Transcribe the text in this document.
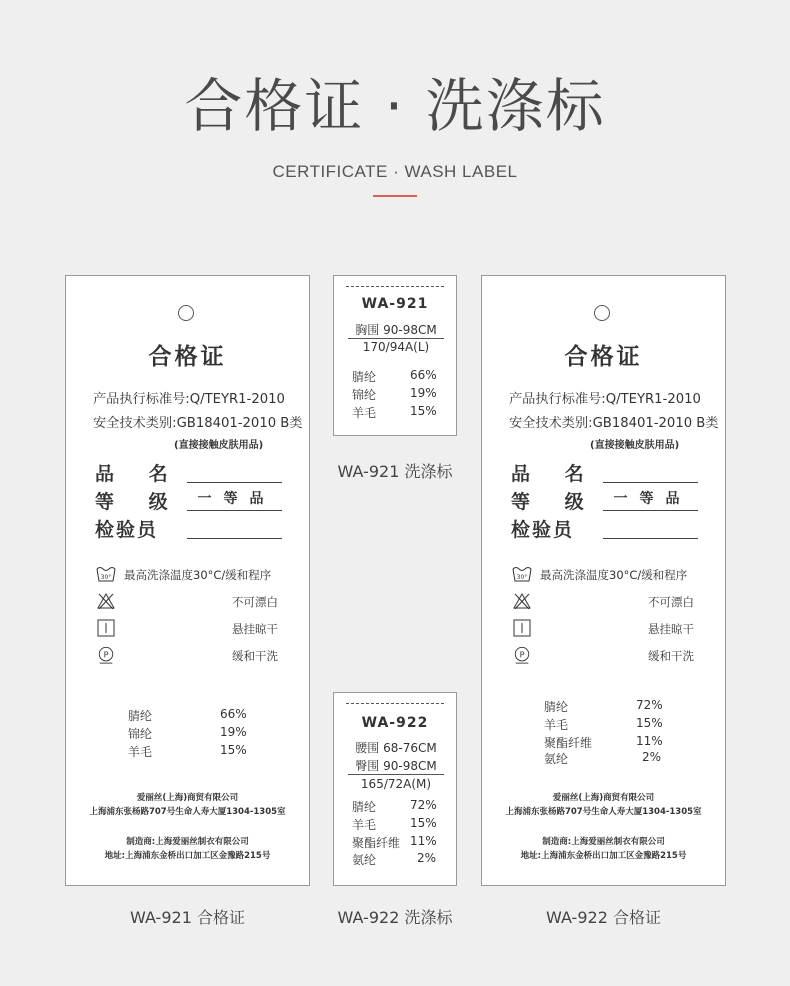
合格证 · 洗涤标
CERTIFICATE · WASH LABEL
合格证
产品执行标准号:Q/TEYR1-2010
安全技术类别:GB18401-2010 B类
(直接接触皮肤用品)
品 名
等 级	一等品
检验员
30° 最高洗涤温度30°C/缓和程序
不可漂白
悬挂晾干
P	缓和干洗
腈纶	66%
锦纶	19%
羊毛	15%
爱丽丝(上海)商贸有限公司
上海浦东张杨路707号生命人寿大厦1304-1305室
制造商:上海爱丽丝制衣有限公司
地址:上海浦东金桥出口加工区金豫路215号
WA-921 合格证
合格证
产品执行标准号:Q/TEYR1-2010
安全技术类别:GB18401-2010 B类
(直接接触皮肤用品)
品 名
等 级	一等品
检验员
30° 最高洗涤温度30°C/缓和程序
不可漂白
悬挂晾干
P	缓和干洗
腈纶	72%
羊毛	15%
聚酯纤维	11%
氨纶	2%
爱丽丝(上海)商贸有限公司
上海浦东张杨路707号生命人寿大厦1304-1305室
制造商:上海爱丽丝制衣有限公司
地址:上海浦东金桥出口加工区金豫路215号
WA-922 合格证
WA-921
胸围 90-98CM
170/94A(L)
腈纶	66%
锦纶	19%
羊毛	15%
WA-921 洗涤标
WA-922
腰围 68-76CM
臀围 90-98CM
165/72A(M)
腈纶	72%
羊毛	15%
聚酯纤维 11%
氨纶	2%
WA-922 洗涤标
